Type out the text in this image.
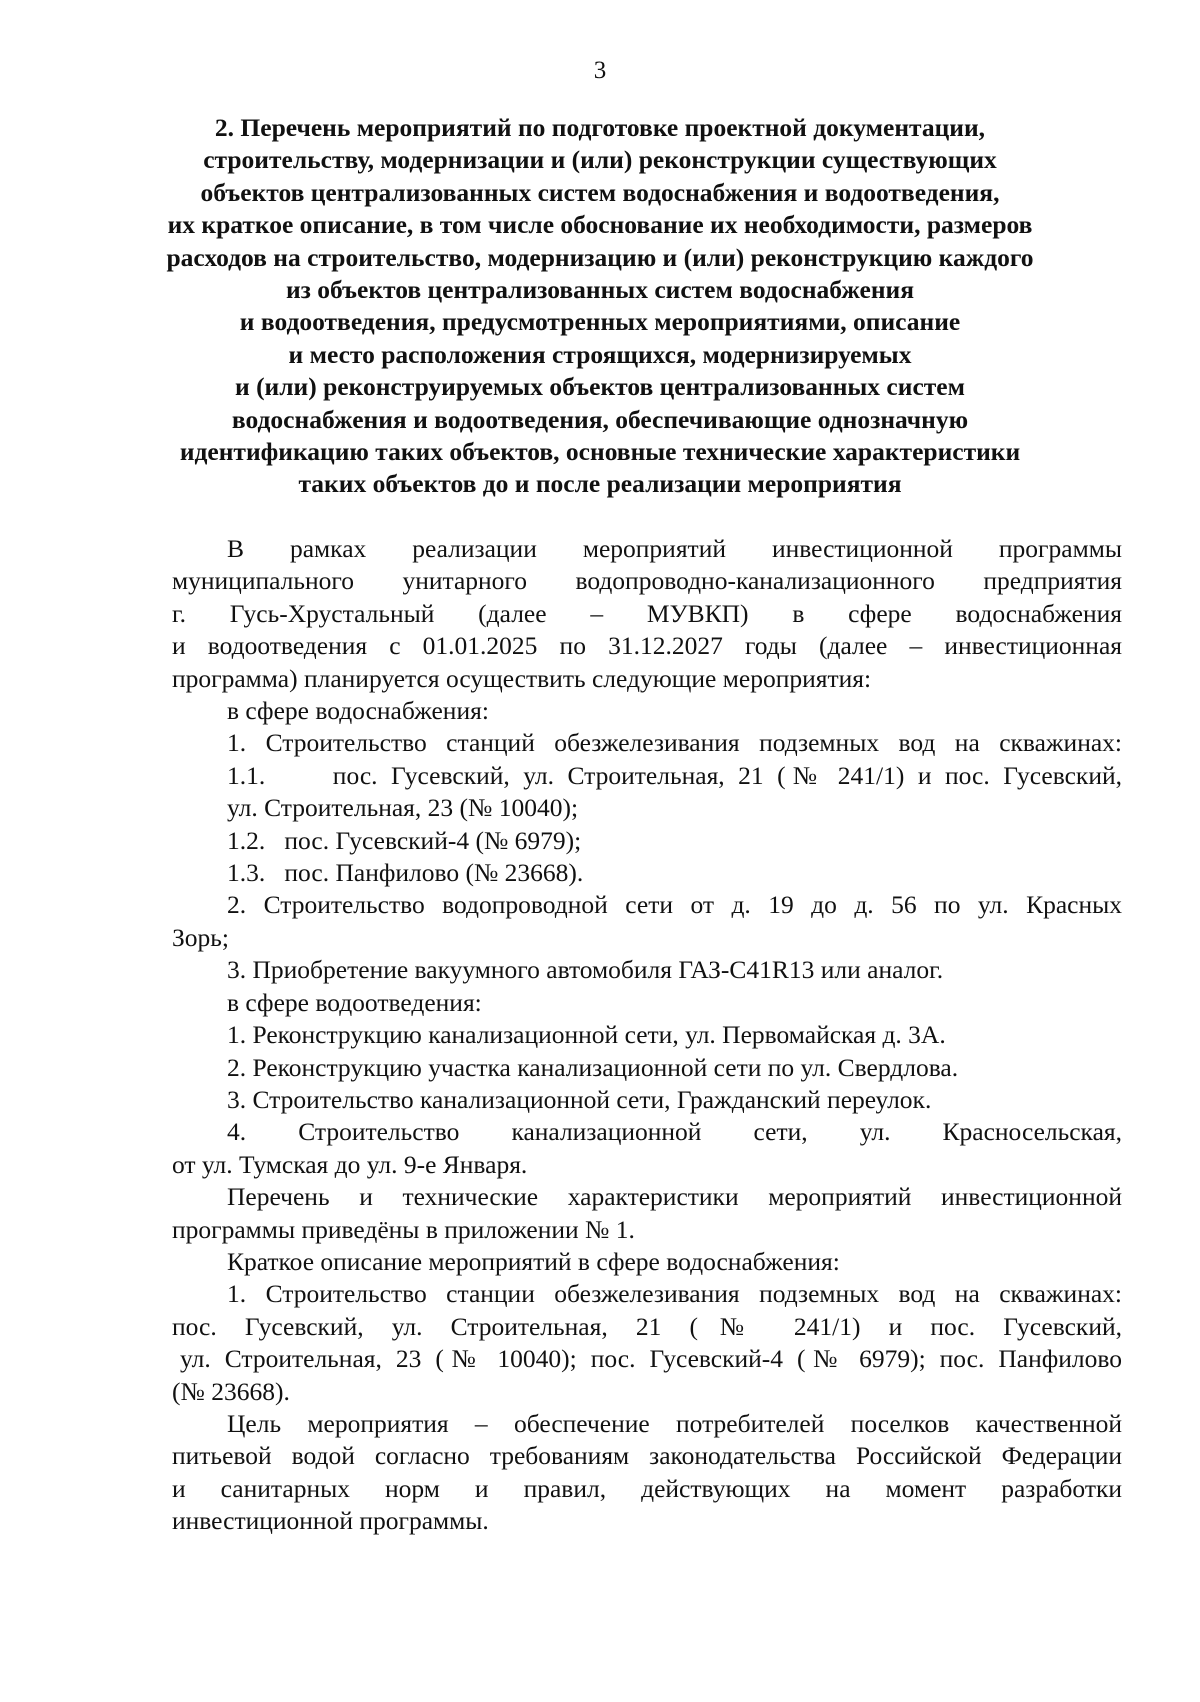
3
2. Перечень мероприятий по подготовке проектной документации,
строительству, модернизации и (или) реконструкции существующих
объектов централизованных систем водоснабжения и водоотведения,
их краткое описание, в том числе обоснование их необходимости, размеров
расходов на строительство, модернизацию и (или) реконструкцию каждого
из объектов централизованных систем водоснабжения
и водоотведения, предусмотренных мероприятиями, описание
и место расположения строящихся, модернизируемых
и (или) реконструируемых объектов централизованных систем
водоснабжения и водоотведения, обеспечивающие однозначную
идентификацию таких объектов, основные технические характеристики
таких объектов до и после реализации мероприятия

В рамках реализации мероприятий инвестиционной программы

муниципального унитарного водопроводно-канализационного предприятия

г. Гусь-Хрустальный (далее – МУВКП) в сфере водоснабжения

и водоотведения с 01.01.2025 по 31.12.2027 годы (далее – инвестиционная

программа) планируется осуществить следующие мероприятия:

в сфере водоснабжения:

1. Строительство станций обезжелезивания подземных вод на скважинах:

1.1.     пос. Гусевский, ул. Строительная, 21 (№ 241/1) и пос. Гусевский,

ул. Строительная, 23 (№ 10040);

1.2.   пос. Гусевский-4 (№ 6979);

1.3.   пос. Панфилово (№ 23668).

2. Строительство водопроводной сети от д. 19 до д. 56 по ул. Красных

Зорь;

3. Приобретение вакуумного автомобиля ГАЗ-С41R13 или аналог.

в сфере водоотведения:

1. Реконструкцию канализационной сети, ул. Первомайская д. 3А.

2. Реконструкцию участка канализационной сети по ул. Свердлова.

3. Строительство канализационной сети, Гражданский переулок.

4. Строительство канализационной сети, ул. Красносельская,

от ул. Тумская до ул. 9-е Января.

Перечень и технические характеристики мероприятий инвестиционной

программы приведёны в приложении № 1.

Краткое описание мероприятий в сфере водоснабжения:

1. Строительство станции обезжелезивания подземных вод на скважинах:

пос. Гусевский, ул. Строительная, 21 (№ 241/1) и пос. Гусевский,

ул. Строительная, 23 (№ 10040); пос. Гусевский-4 (№ 6979); пос. Панфилово

(№ 23668).

Цель мероприятия – обеспечение потребителей поселков качественной

питьевой водой согласно требованиям законодательства Российской Федерации

и санитарных норм и правил, действующих на момент разработки

инвестиционной программы.
